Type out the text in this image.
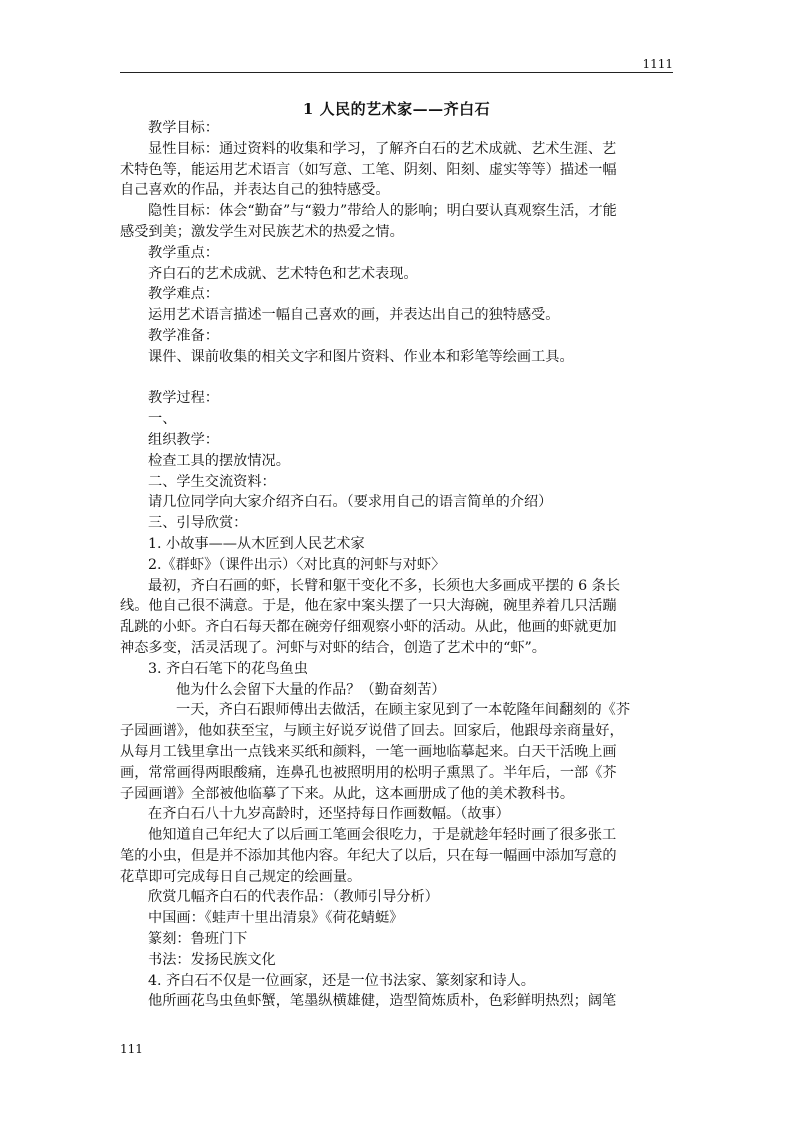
1111
1 人民的艺术家——齐白石
教学目标：
显性目标：通过资料的收集和学习，了解齐白石的艺术成就、艺术生涯、艺
术特色等，能运用艺术语言（如写意、工笔、阴刻、阳刻、虚实等等）描述一幅
自己喜欢的作品，并表达自己的独特感受。
隐性目标：体会“勤奋”与“毅力”带给人的影响；明白要认真观察生活，才能
感受到美；激发学生对民族艺术的热爱之情。
教学重点：
齐白石的艺术成就、艺术特色和艺术表现。
教学难点：
运用艺术语言描述一幅自己喜欢的画，并表达出自己的独特感受。
教学准备：
课件、课前收集的相关文字和图片资料、作业本和彩笔等绘画工具。
教学过程：
一、
组织教学：
检查工具的摆放情况。
二、学生交流资料：
请几位同学向大家介绍齐白石。（要求用自己的语言简单的介绍）
三、引导欣赏：
1. 小故事——从木匠到人民艺术家
2.《群虾》（课件出示）〈对比真的河虾与对虾〉
最初，齐白石画的虾，长臂和躯干变化不多，长须也大多画成平摆的 6 条长
线。他自己很不满意。于是，他在家中案头摆了一只大海碗，碗里养着几只活蹦
乱跳的小虾。齐白石每天都在碗旁仔细观察小虾的活动。从此，他画的虾就更加
神态多变，活灵活现了。河虾与对虾的结合，创造了艺术中的“虾”。
3. 齐白石笔下的花鸟鱼虫
他为什么会留下大量的作品？（勤奋刻苦）
一天，齐白石跟师傅出去做活，在顾主家见到了一本乾隆年间翻刻的《芥
子园画谱》，他如获至宝，与顾主好说歹说借了回去。回家后，他跟母亲商量好，
从每月工钱里拿出一点钱来买纸和颜料，一笔一画地临摹起来。白天干活晚上画
画，常常画得两眼酸痛，连鼻孔也被照明用的松明子熏黑了。半年后，一部《芥
子园画谱》全部被他临摹了下来。从此，这本画册成了他的美术教科书。
在齐白石八十九岁高龄时，还坚持每日作画数幅。（故事）
他知道自己年纪大了以后画工笔画会很吃力，于是就趁年轻时画了很多张工
笔的小虫，但是并不添加其他内容。年纪大了以后，只在每一幅画中添加写意的
花草即可完成每日自己规定的绘画量。
欣赏几幅齐白石的代表作品：（教师引导分析）
中国画：《蛙声十里出清泉》《荷花蜻蜓》
篆刻：鲁班门下
书法：发扬民族文化
4. 齐白石不仅是一位画家，还是一位书法家、篆刻家和诗人。
他所画花鸟虫鱼虾蟹，笔墨纵横雄健，造型简炼质朴，色彩鲜明热烈；阔笔
111
